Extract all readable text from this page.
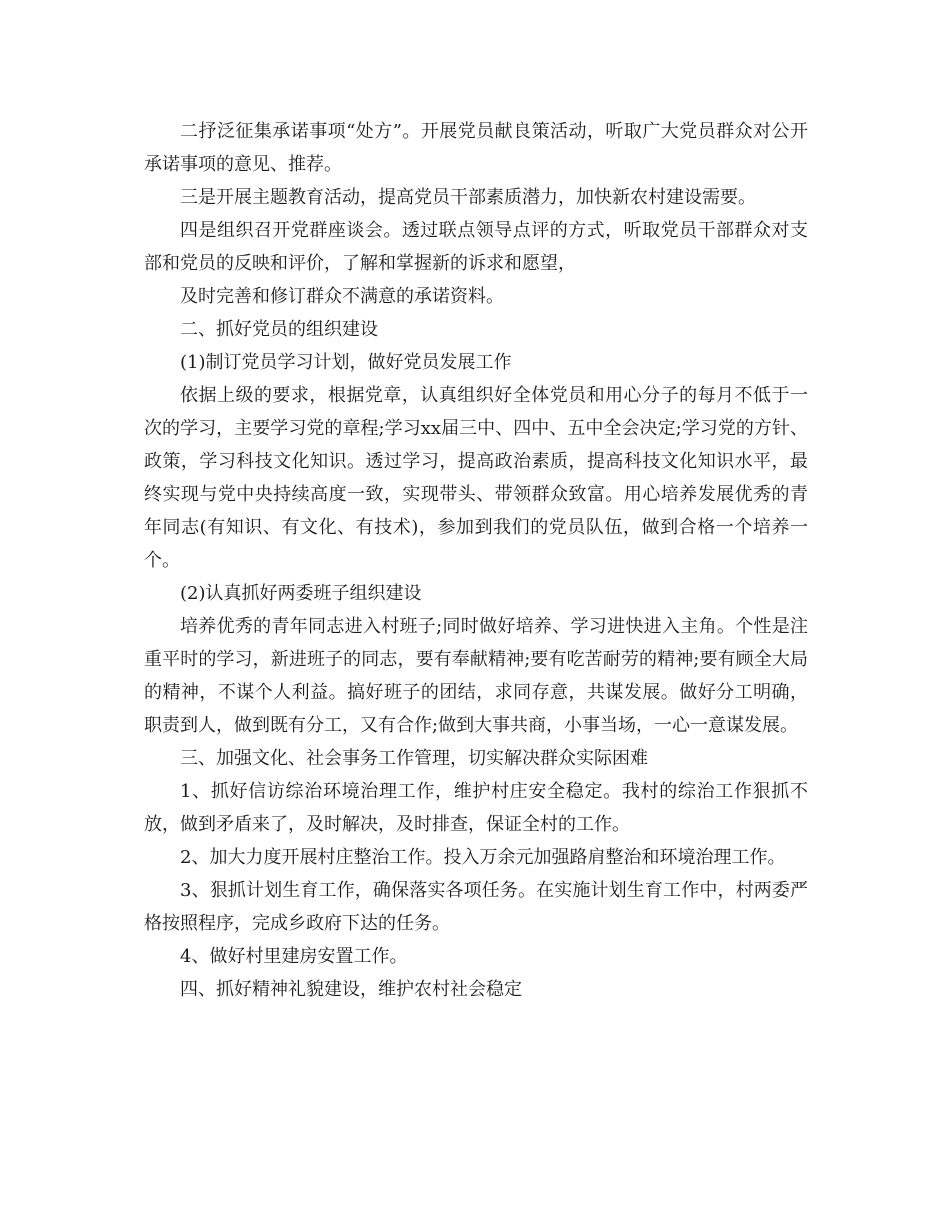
二抒泛征集承诺事项“处方”。开展党员献良策活动，听取广大党员群众对公开承诺事项的意见、推荐。

三是开展主题教育活动，提高党员干部素质潜力，加快新农村建设需要。

四是组织召开党群座谈会。透过联点领导点评的方式，听取党员干部群众对支部和党员的反映和评价，了解和掌握新的诉求和愿望，

及时完善和修订群众不满意的承诺资料。

二、抓好党员的组织建设

(1)制订党员学习计划，做好党员发展工作

依据上级的要求，根据党章，认真组织好全体党员和用心分子的每月不低于一次的学习，主要学习党的章程;学习xx届三中、四中、五中全会决定;学习党的方针、政策，学习科技文化知识。透过学习，提高政治素质，提高科技文化知识水平，最终实现与党中央持续高度一致，实现带头、带领群众致富。用心培养发展优秀的青年同志(有知识、有文化、有技术)，参加到我们的党员队伍，做到合格一个培养一个。

(2)认真抓好两委班子组织建设

培养优秀的青年同志进入村班子;同时做好培养、学习进快进入主角。个性是注重平时的学习，新进班子的同志，要有奉献精神;要有吃苦耐劳的精神;要有顾全大局的精神，不谋个人利益。搞好班子的团结，求同存意，共谋发展。做好分工明确，职责到人，做到既有分工，又有合作;做到大事共商，小事当场，一心一意谋发展。

三、加强文化、社会事务工作管理，切实解决群众实际困难

1、抓好信访综治环境治理工作，维护村庄安全稳定。我村的综治工作狠抓不放，做到矛盾来了，及时解决，及时排查，保证全村的工作。

2、加大力度开展村庄整治工作。投入万余元加强路肩整治和环境治理工作。

3、狠抓计划生育工作，确保落实各项任务。在实施计划生育工作中，村两委严格按照程序，完成乡政府下达的任务。

4、做好村里建房安置工作。

四、抓好精神礼貌建设，维护农村社会稳定
